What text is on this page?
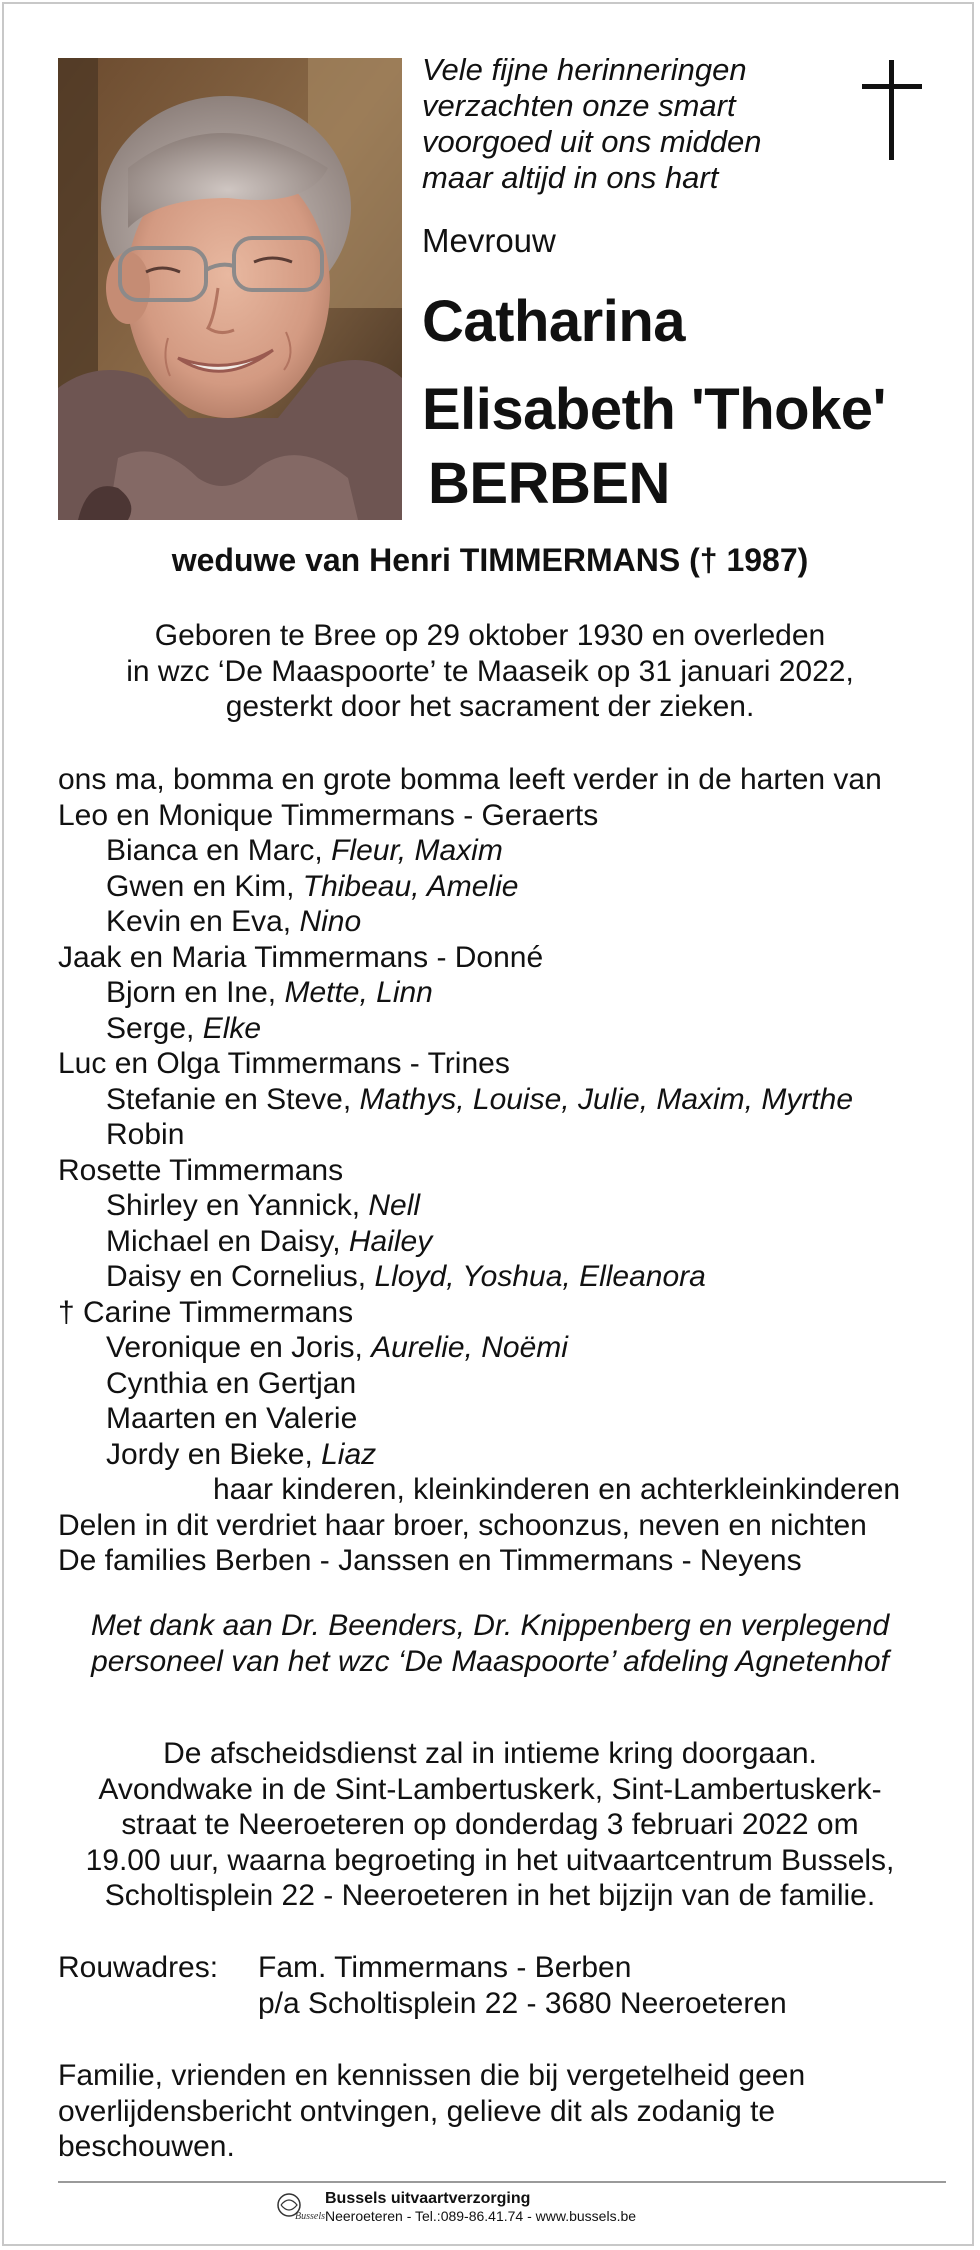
Vele fijne herinneringen
verzachten onze smart
voorgoed uit ons midden
maar altijd in ons hart
Mevrouw
Catharina
Elisabeth 'Thoke'
BERBEN
weduwe van Henri TIMMERMANS († 1987)
Geboren te Bree op 29 oktober 1930 en overleden
in wzc ‘De Maaspoorte’ te Maaseik op 31 januari 2022,
gesterkt door het sacrament der zieken.
ons ma, bomma en grote bomma leeft verder in de harten van
Leo en Monique Timmermans - Geraerts
Bianca en Marc, Fleur, Maxim
Gwen en Kim, Thibeau, Amelie
Kevin en Eva, Nino
Jaak en Maria Timmermans - Donné
Bjorn en Ine, Mette, Linn
Serge, Elke
Luc en Olga Timmermans - Trines
Stefanie en Steve, Mathys, Louise, Julie, Maxim, Myrthe
Robin
Rosette Timmermans
Shirley en Yannick, Nell
Michael en Daisy, Hailey
Daisy en Cornelius, Lloyd, Yoshua, Elleanora
† Carine Timmermans
Veronique en Joris, Aurelie, Noëmi
Cynthia en Gertjan
Maarten en Valerie
Jordy en Bieke, Liaz
haar kinderen, kleinkinderen en achterkleinkinderen
Delen in dit verdriet haar broer, schoonzus, neven en nichten
De families Berben - Janssen en Timmermans - Neyens
Met dank aan Dr. Beenders, Dr. Knippenberg en verplegend
personeel van het wzc ‘De Maaspoorte’ afdeling Agnetenhof
De afscheidsdienst zal in intieme kring doorgaan.
Avondwake in de Sint-Lambertuskerk, Sint-Lambertuskerk-
straat te Neeroeteren op donderdag 3 februari 2022 om
19.00 uur, waarna begroeting in het uitvaartcentrum Bussels,
Scholtisplein 22 - Neeroeteren in het bijzijn van de familie.
Rouwadres:	Fam. Timmermans - Berben
p/a Scholtisplein 22 - 3680 Neeroeteren
Familie, vrienden en kennissen die bij vergetelheid geen
overlijdensbericht ontvingen, gelieve dit als zodanig te
beschouwen.
Bussels
Bussels uitvaartverzorging
Neeroeteren - Tel.:089-86.41.74 - www.bussels.be
